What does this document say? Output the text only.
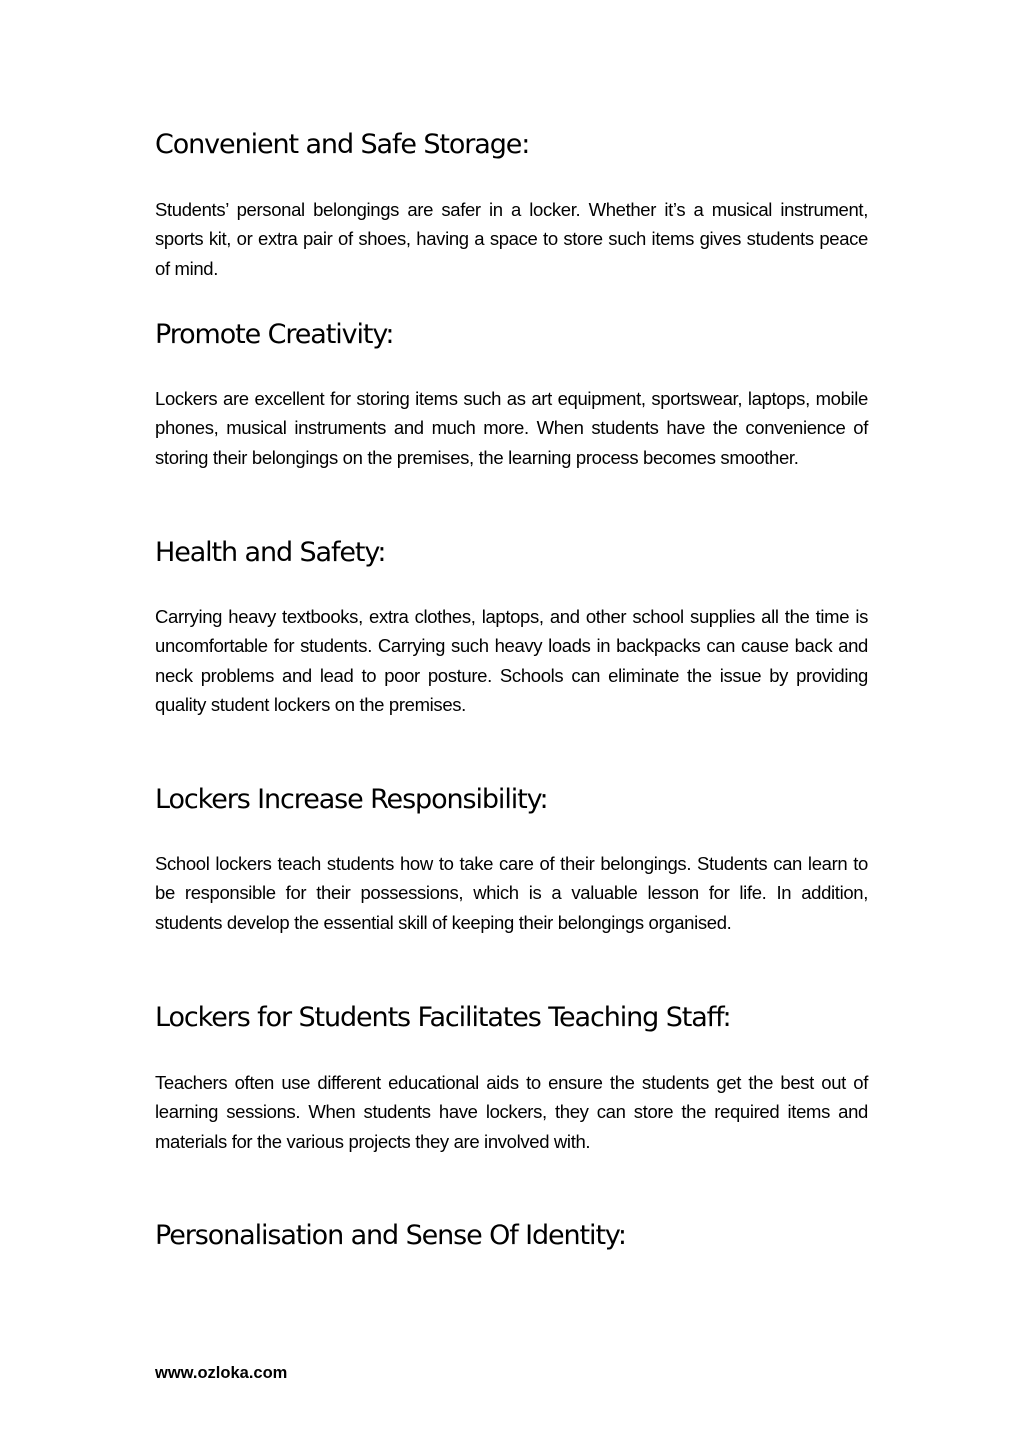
Convenient and Safe Storage:

Students’ personal belongings are safer in a locker. Whether it’s a musical instrument, sports kit, or extra pair of shoes, having a space to store such items gives students peace of mind.

Promote Creativity:

Lockers are excellent for storing items such as art equipment, sportswear, laptops, mobile phones, musical instruments and much more. When students have the convenience of storing their belongings on the premises, the learning process becomes smoother.

Health and Safety:

Carrying heavy textbooks, extra clothes, laptops, and other school supplies all the time is uncomfortable for students. Carrying such heavy loads in backpacks can cause back and neck problems and lead to poor posture. Schools can eliminate the issue by providing quality student lockers on the premises.

Lockers Increase Responsibility:

School lockers teach students how to take care of their belongings. Students can learn to be responsible for their possessions, which is a valuable lesson for life. In addition, students develop the essential skill of keeping their belongings organised.

Lockers for Students Facilitates Teaching Staff:

Teachers often use different educational aids to ensure the students get the best out of learning sessions. When students have lockers, they can store the required items and materials for the various projects they are involved with.

Personalisation and Sense Of Identity:

www.ozloka.com
